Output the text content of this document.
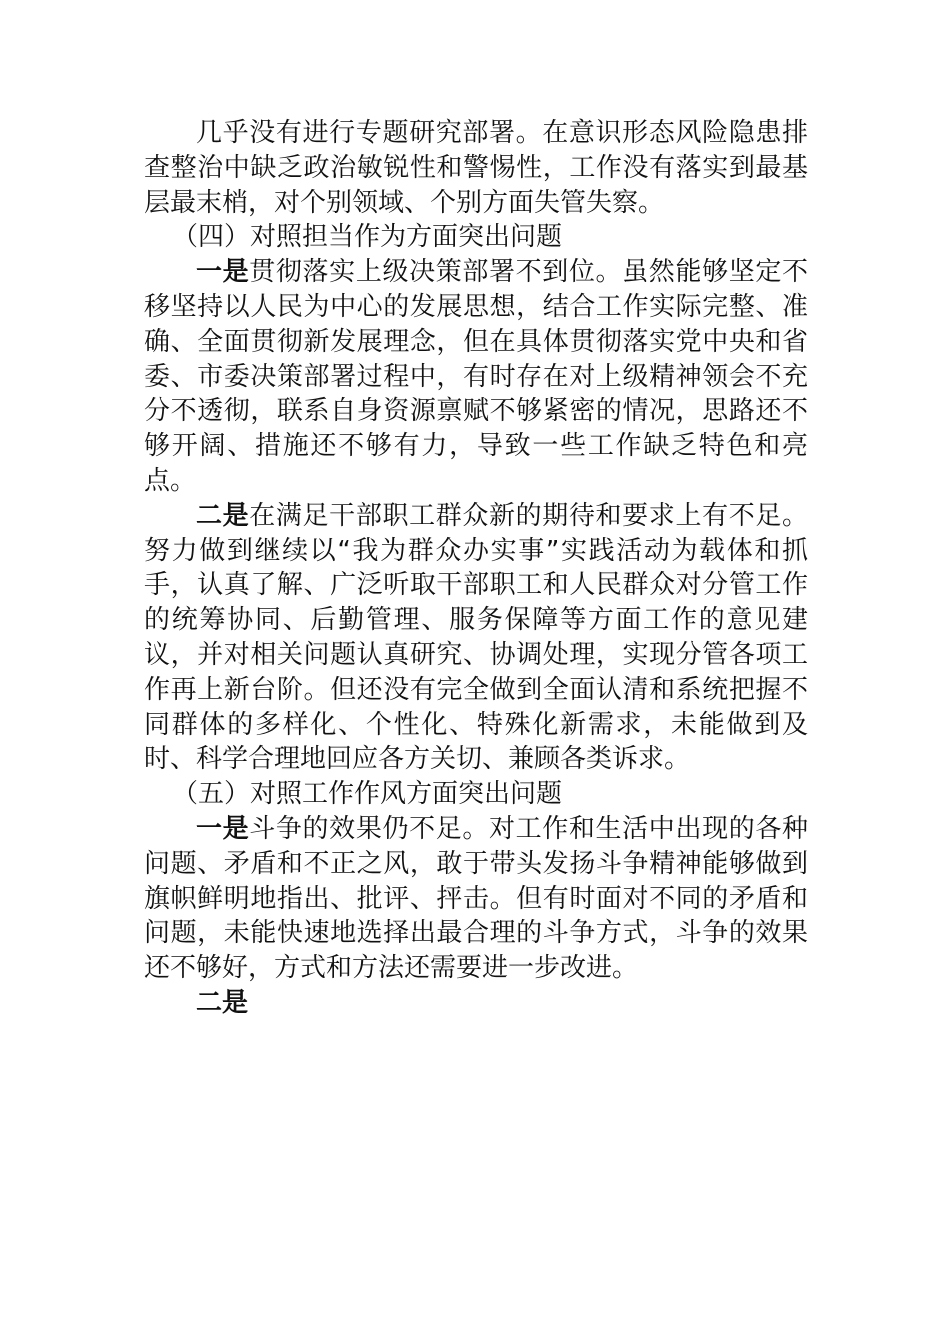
几乎没有进行专题研究部署。在意识形态风险隐患排查整治中缺乏政治敏锐性和警惕性，工作没有落实到最基层最末梢，对个别领域、个别方面失管失察。

（四）对照担当作为方面突出问题

一是贯彻落实上级决策部署不到位。虽然能够坚定不移坚持以人民为中心的发展思想，结合工作实际完整、准确、全面贯彻新发展理念，但在具体贯彻落实党中央和省委、市委决策部署过程中，有时存在对上级精神领会不充分不透彻，联系自身资源禀赋不够紧密的情况，思路还不够开阔、措施还不够有力，导致一些工作缺乏特色和亮点。

二是在满足干部职工群众新的期待和要求上有不足。努力做到继续以“我为群众办实事”实践活动为载体和抓手，认真了解、广泛听取干部职工和人民群众对分管工作的统筹协同、后勤管理、服务保障等方面工作的意见建议，并对相关问题认真研究、协调处理，实现分管各项工作再上新台阶。但还没有完全做到全面认清和系统把握不同群体的多样化、个性化、特殊化新需求，未能做到及时、科学合理地回应各方关切、兼顾各类诉求。

（五）对照工作作风方面突出问题

一是斗争的效果仍不足。对工作和生活中出现的各种问题、矛盾和不正之风，敢于带头发扬斗争精神能够做到旗帜鲜明地指出、批评、抨击。但有时面对不同的矛盾和问题，未能快速地选择出最合理的斗争方式，斗争的效果还不够好，方式和方法还需要进一步改进。

二是
